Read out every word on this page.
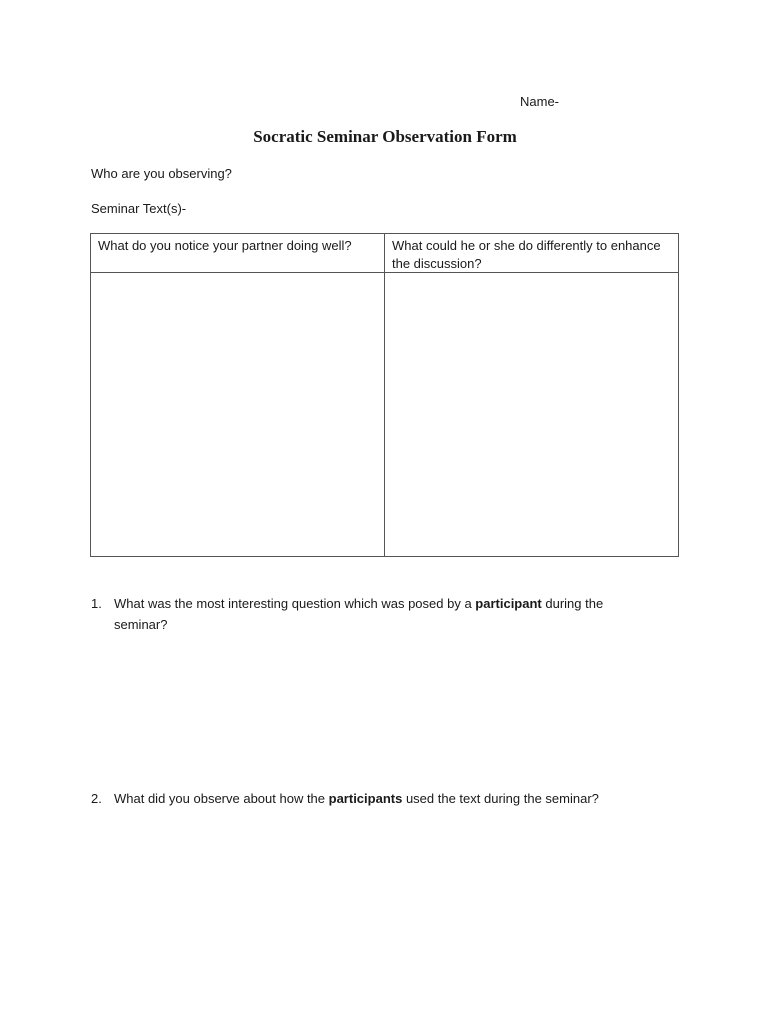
Name-
Socratic Seminar Observation Form
Who are you observing?
Seminar Text(s)-
What do you notice your partner doing well?	What could he or she do differently to enhance the discussion?
1. What was the most interesting question which was posed by a participant during the seminar?
2. What did you observe about how the participants used the text during the seminar?
